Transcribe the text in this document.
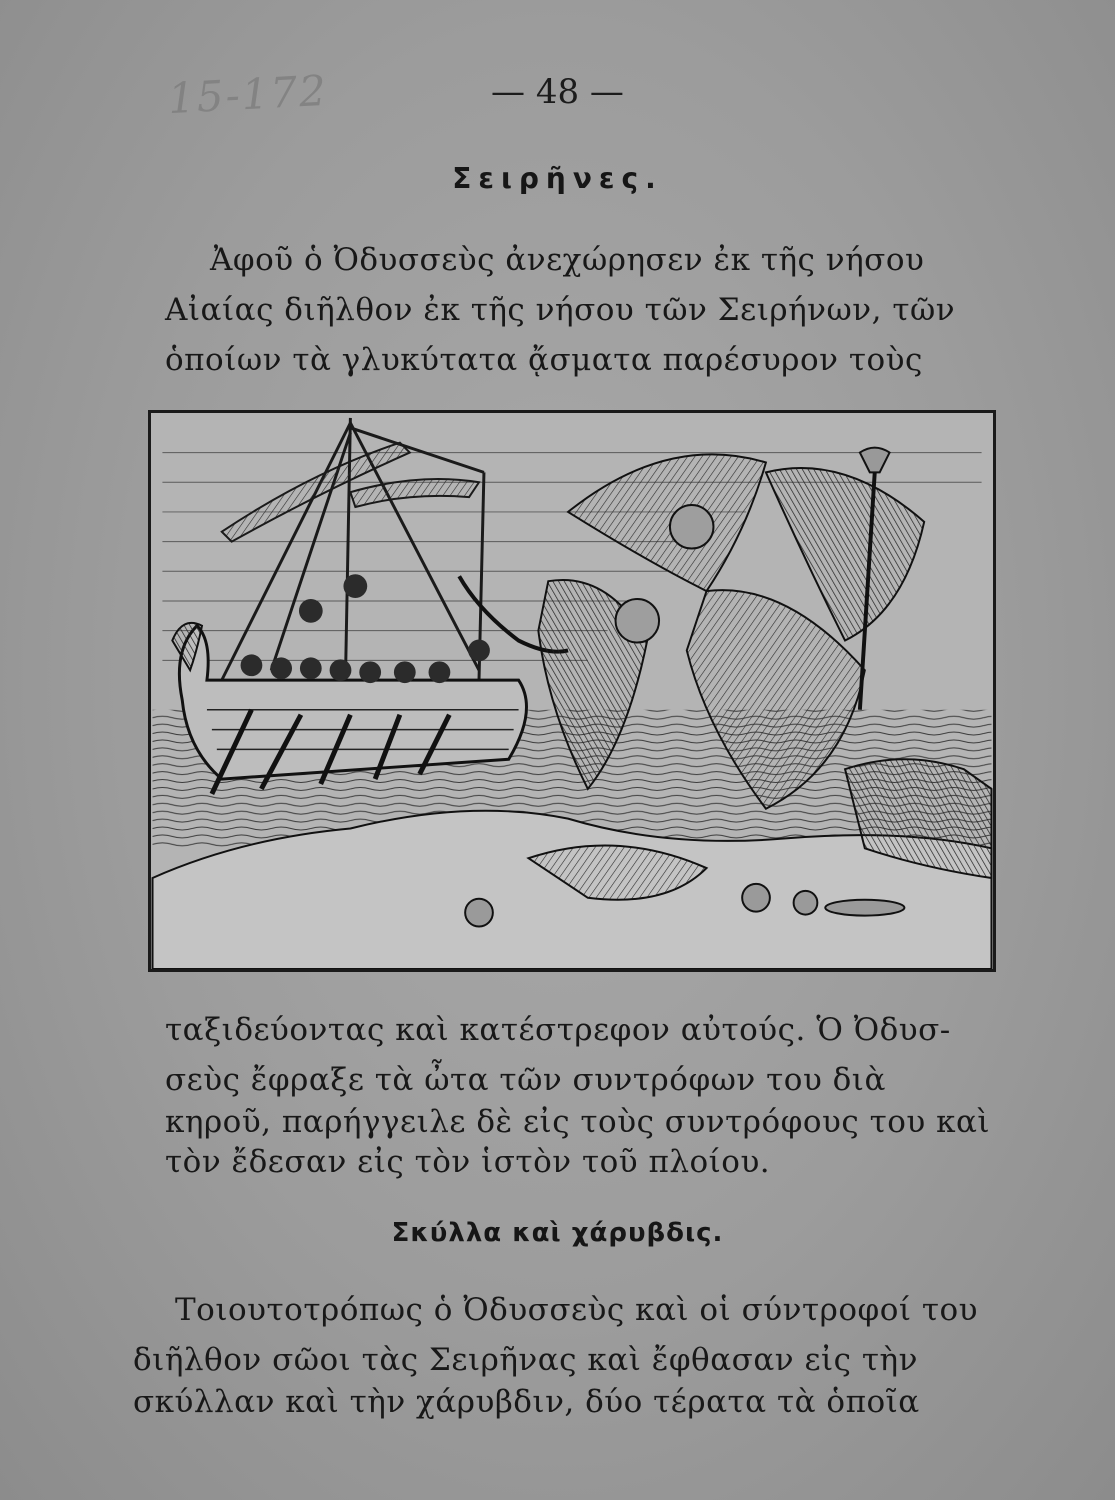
15-172	— 48 —
Σειρῆνες.
Ἀφοῦ ὁ Ὀδυσσεὺς ἀνεχώρησεν ἐκ τῆς νήσου
Αἰαίας διῆλθον ἐκ τῆς νήσου τῶν Σειρήνων, τῶν
ὁποίων τὰ γλυκύτατα ᾄσματα παρέσυρον τοὺς
ταξιδεύοντας καὶ κατέστρεφον αὐτούς. Ὁ Ὀδυσ-
σεὺς ἔφραξε τὰ ὦτα τῶν συντρόφων του διὰ
κηροῦ, παρήγγειλε δὲ εἰς τοὺς συντρόφους του καὶ
τὸν ἔδεσαν εἰς τὸν ἱστὸν τοῦ πλοίου.
Σκύλλα καὶ χάρυβδις.
Τοιουτοτρόπως ὁ Ὀδυσσεὺς καὶ οἱ σύντροφοί του
διῆλθον σῶοι τὰς Σειρῆνας καὶ ἔφθασαν εἰς τὴν
σκύλλαν καὶ τὴν χάρυβδιν, δύο τέρατα τὰ ὁποῖα
